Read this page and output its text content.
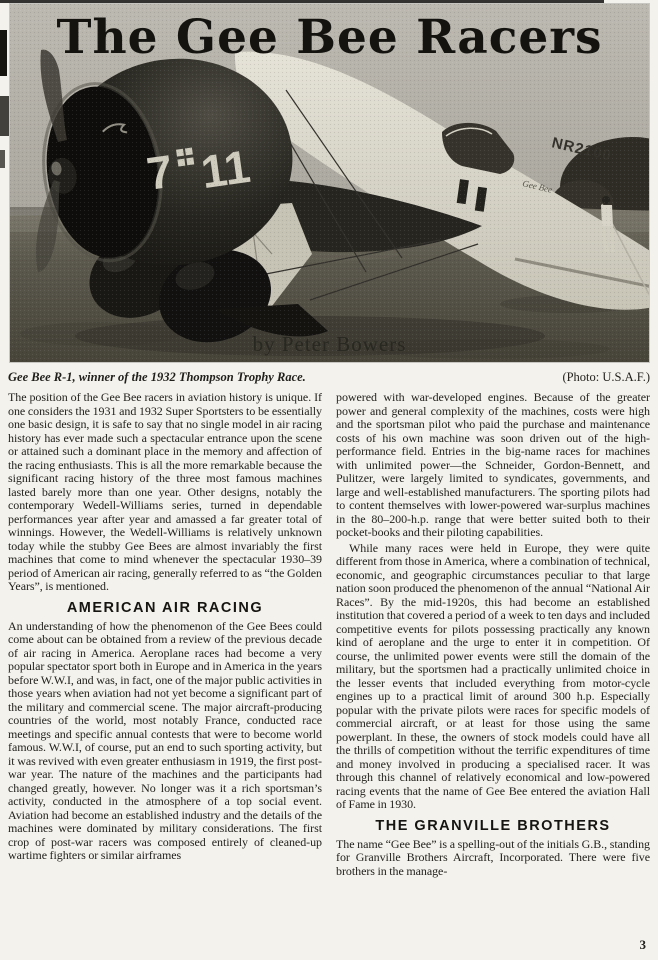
The Gee Bee Racers
by Peter Bowers
Gee Bee R-1, winner of the 1932 Thompson Trophy Race.	(Photo: U.S.A.F.)

The position of the Gee Bee racers in aviation history is unique. If one considers the 1931 and 1932 Super Sportsters to be essentially one basic design, it is safe to say that no single model in air racing history has ever made such a spectacular entrance upon the scene or attained such a dominant place in the memory and affection of the racing enthusiasts. This is all the more remarkable because the significant racing history of the three most famous machines lasted barely more than one year. Other designs, notably the contemporary Wedell-Williams series, turned in dependable performances year after year and amassed a far greater total of winnings. However, the Wedell-Williams is relatively unknown today while the stubby Gee Bees are almost invariably the first machines that come to mind whenever the spectacular 1930–39 period of American air racing, generally referred to as “the Golden Years”, is mentioned.

AMERICAN AIR RACING

An understanding of how the phenomenon of the Gee Bees could come about can be obtained from a review of the previous decade of air racing in America. Aeroplane races had become a very popular spectator sport both in Europe and in America in the years before W.W.I, and was, in fact, one of the major public activities in those years when aviation had not yet become a significant part of the military and commercial scene. The major aircraft-producing countries of the world, most notably France, conducted race meetings and specific annual contests that were to become world famous. W.W.I, of course, put an end to such sporting activity, but it was revived with even greater enthusiasm in 1919, the first post-war year. The nature of the machines and the participants had changed greatly, however. No longer was it a rich sportsman’s activity, conducted in the atmosphere of a top social event. Aviation had become an established industry and the details of the machines were dominated by military considerations. The first crop of post-war racers was composed entirely of cleaned-up wartime fighters or similar airframes

powered with war-developed engines. Because of the greater power and general complexity of the machines, costs were high and the sportsman pilot who paid the purchase and maintenance costs of his own machine was soon driven out of the high-performance field. Entries in the big-name races for machines with unlimited power—the Schneider, Gordon-Bennett, and Pulitzer, were largely limited to syndicates, governments, and large and well-established manufacturers. The sporting pilots had to content themselves with lower-powered war-surplus machines in the 80–200-h.p. range that were better suited both to their pocket-books and their piloting capabilities.

While many races were held in Europe, they were quite different from those in America, where a combination of technical, economic, and geographic circumstances peculiar to that large nation soon produced the phenomenon of the annual “National Air Races”. By the mid-1920s, this had become an established institution that covered a period of a week to ten days and included competitive events for pilots possessing practically any known kind of aeroplane and the urge to enter it in competition. Of course, the unlimited power events were still the domain of the military, but the sportsmen had a practically unlimited choice in the lesser events that included everything from motor-cycle engines up to a practical limit of around 300 h.p. Especially popular with the private pilots were races for specific models of commercial aircraft, or at least for those using the same powerplant. In these, the owners of stock models could have all the thrills of competition without the terrific expenditures of time and money involved in producing a specialised racer. It was through this channel of relatively economical and low-powered racing events that the name of Gee Bee entered the aviation Hall of Fame in 1930.

THE GRANVILLE BROTHERS

The name “Gee Bee” is a spelling-out of the initials G.B., standing for Granville Brothers Aircraft, Incorporated. There were five brothers in the manage-

3
